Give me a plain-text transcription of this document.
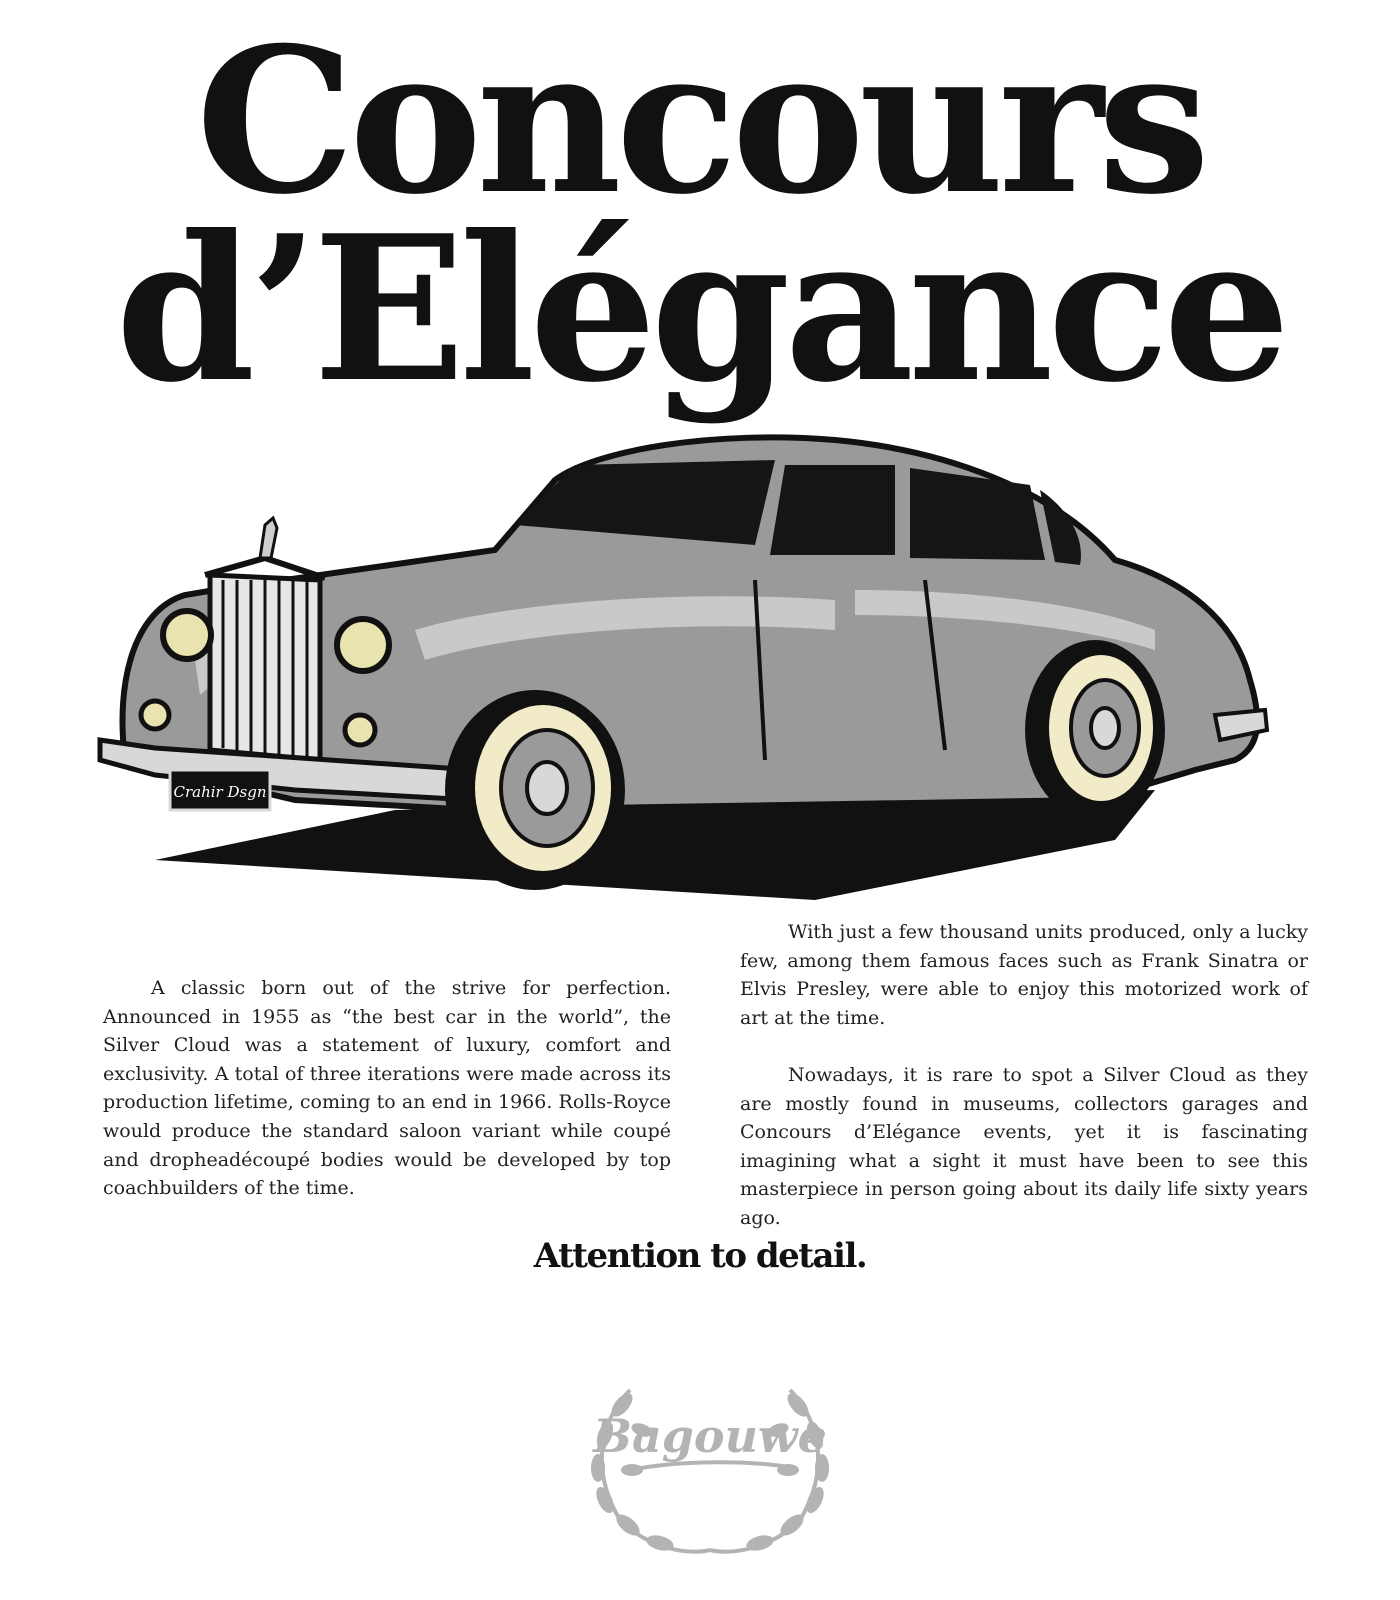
Concours
d’Elégance
Crahir Dsgn

A classic born out of the strive for perfection. Announced in 1955 as “the best car in the world”, the Silver Cloud was a statement of luxury, comfort and exclusivity. A total of three iterations were made across its production lifetime, coming to an end in 1966. Rolls-Royce would produce the standard saloon variant while coupé and dropheadécoupé bodies would be developed by top coachbuilders of the time.

With just a few thousand units produced, only a lucky few, among them famous faces such as Frank Sinatra or Elvis Presley, were able to enjoy this motorized work of art at the time.

Nowadays, it is rare to spot a Silver Cloud as they are mostly found in museums, collectors garages and Concours d’Elégance events, yet it is fascinating imagining what a sight it must have been to see this masterpiece in person going about its daily life sixty years ago.

Attention to detail.
Bagouwe
